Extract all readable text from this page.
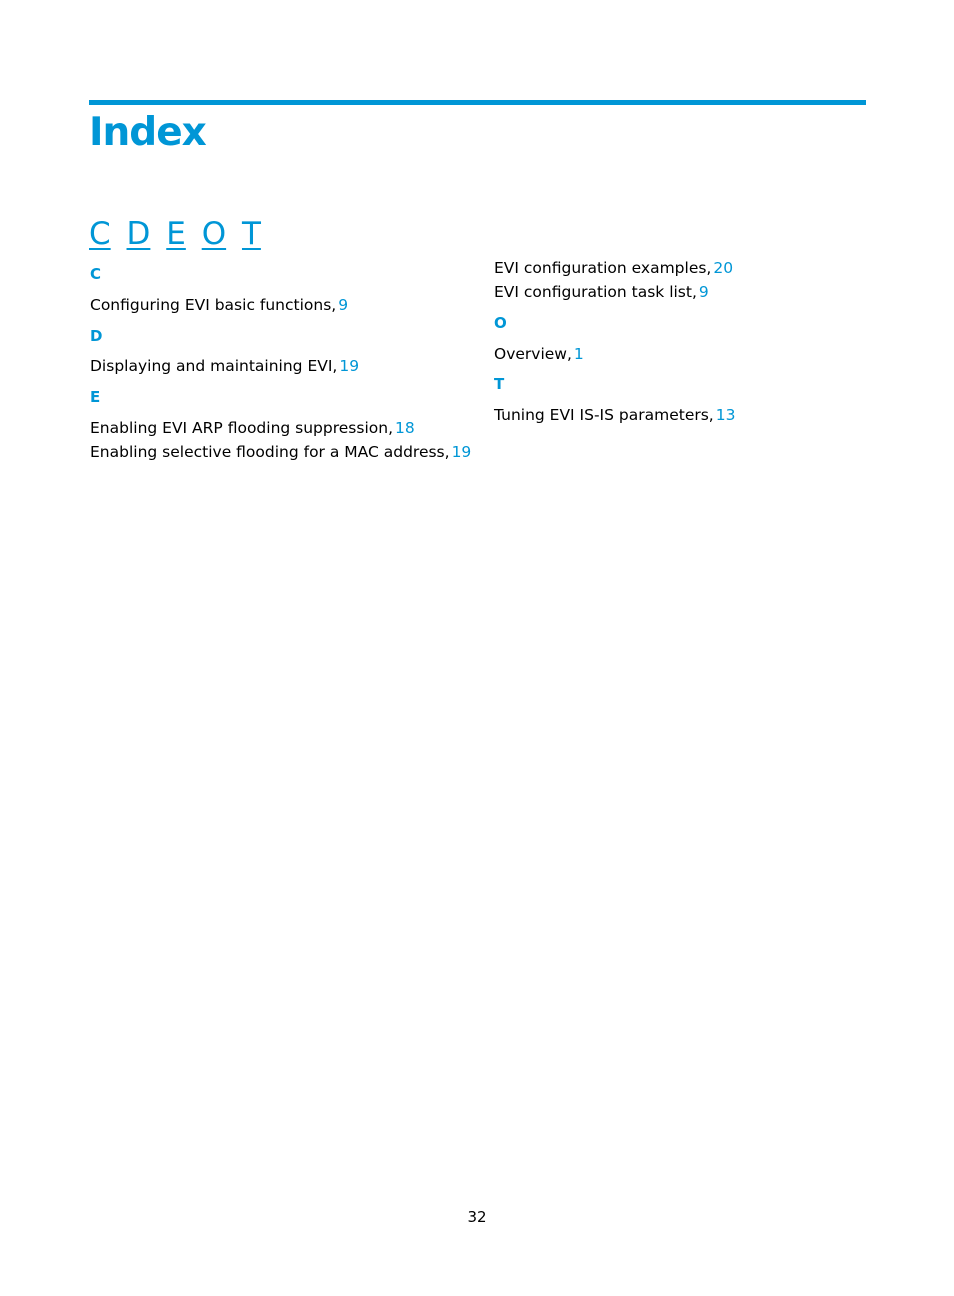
Index
C D E O T
C
Configuring EVI basic functions, 9
D
Displaying and maintaining EVI, 19
E
Enabling EVI ARP flooding suppression, 18
Enabling selective flooding for a MAC address, 19
EVI configuration examples, 20
EVI configuration task list, 9
O
Overview, 1
T
Tuning EVI IS-IS parameters, 13
32
